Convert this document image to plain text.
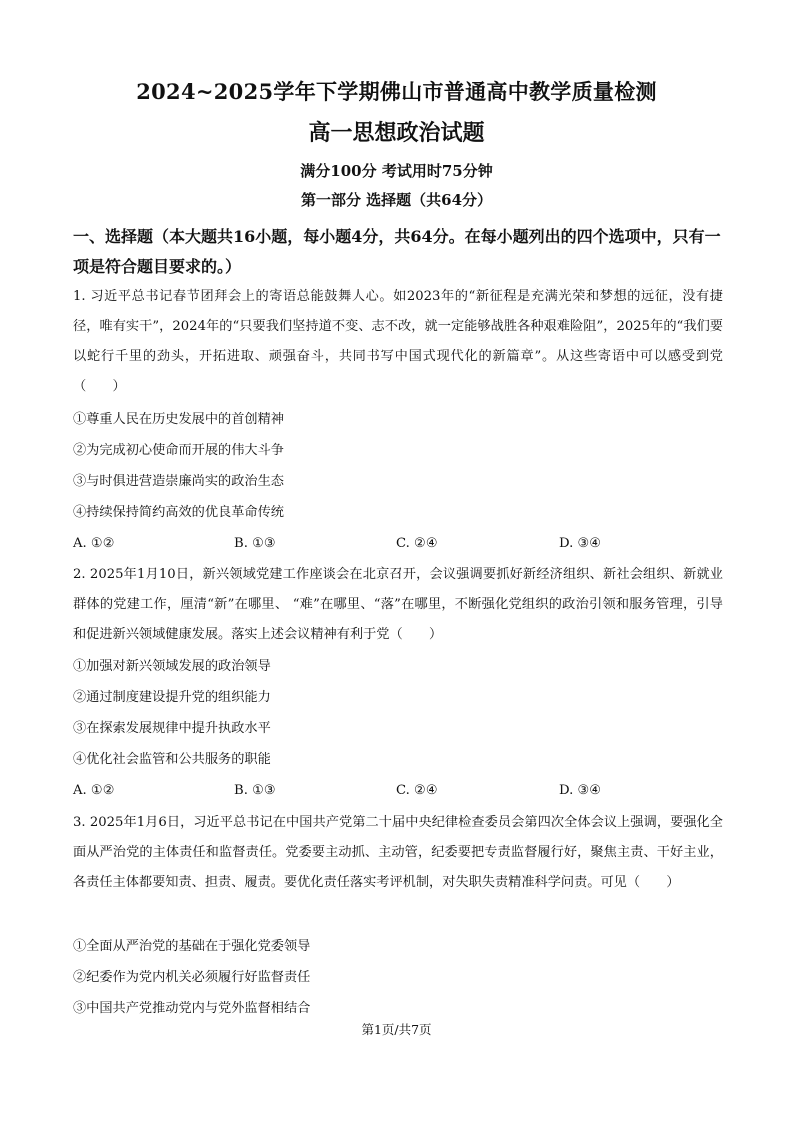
2024~2025学年下学期佛山市普通高中教学质量检测
高一思想政治试题
满分100分 考试用时75分钟
第一部分 选择题（共64分）
一、选择题（本大题共16小题，每小题4分，共64分。在每小题列出的四个选项中，只有一项是符合题目要求的。）
1. 习近平总书记春节团拜会上的寄语总能鼓舞人心。如2023年的“新征程是充满光荣和梦想的远征，没有捷径，唯有实干”，2024年的“只要我们坚持道不变、志不改，就一定能够战胜各种艰难险阻”，2025年的“我们要以蛇行千里的劲头，开拓进取、顽强奋斗，共同书写中国式现代化的新篇章”。从这些寄语中可以感受到党（　　）
①尊重人民在历史发展中的首创精神
②为完成初心使命而开展的伟大斗争
③与时俱进营造崇廉尚实的政治生态
④持续保持简约高效的优良革命传统
A. ①②	B. ①③	C. ②④	D. ③④
2. 2025年1月10日，新兴领域党建工作座谈会在北京召开，会议强调要抓好新经济组织、新社会组织、新就业群体的党建工作，厘清“新”在哪里、 “难”在哪里、“落”在哪里，不断强化党组织的政治引领和服务管理，引导和促进新兴领域健康发展。落实上述会议精神有利于党（　　）
①加强对新兴领域发展的政治领导
②通过制度建设提升党的组织能力
③在探索发展规律中提升执政水平
④优化社会监管和公共服务的职能
A. ①②	B. ①③	C. ②④	D. ③④
3. 2025年1月6日，习近平总书记在中国共产党第二十届中央纪律检查委员会第四次全体会议上强调，要强化全面从严治党的主体责任和监督责任。党委要主动抓、主动管，纪委要把专责监督履行好，聚焦主责、干好主业，各责任主体都要知责、担责、履责。要优化责任落实考评机制，对失职失责精准科学问责。可见（　　）
①全面从严治党的基础在于强化党委领导
②纪委作为党内机关必须履行好监督责任
③中国共产党推动党内与党外监督相结合
第1页/共7页
